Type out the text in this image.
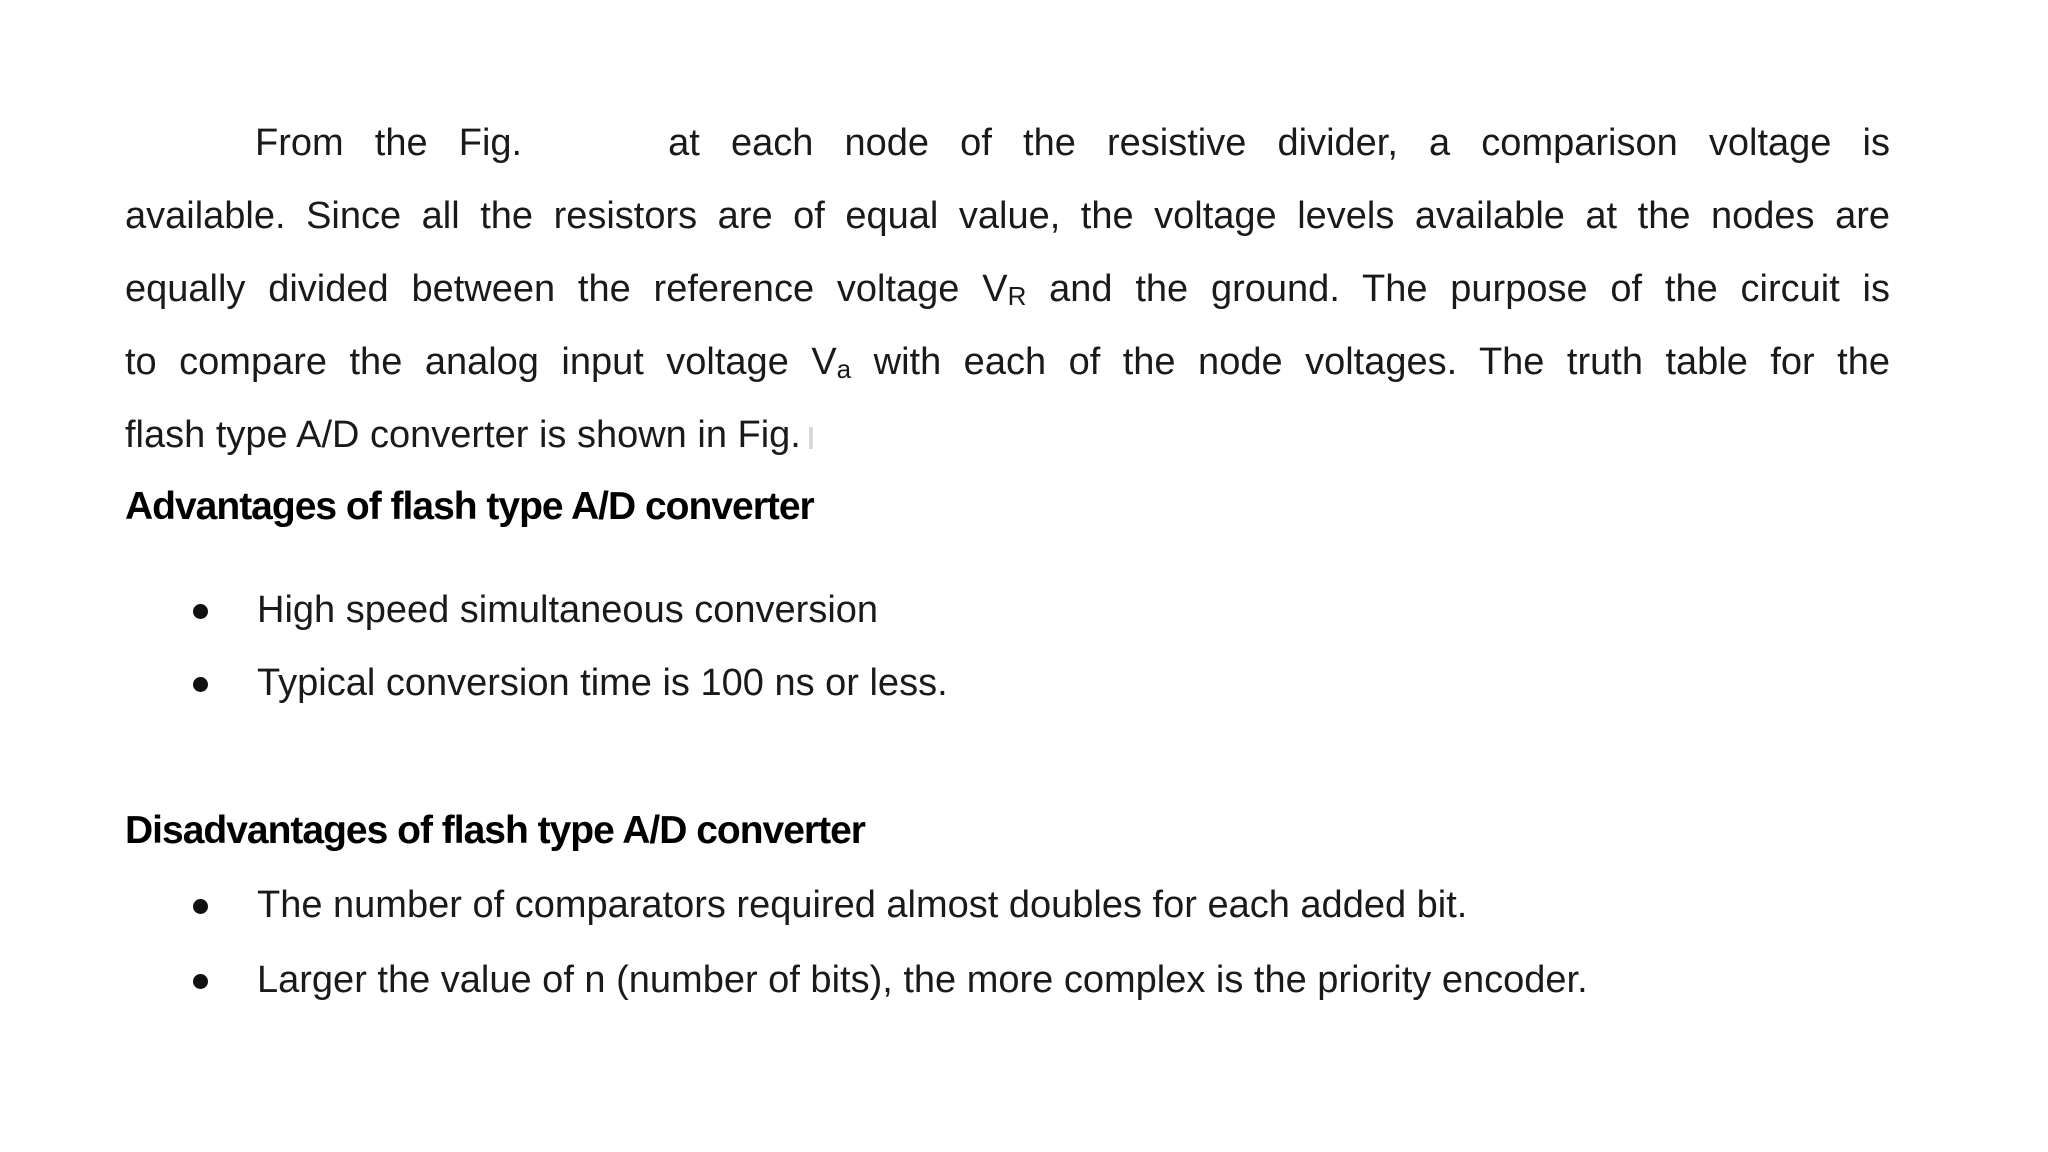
From the Fig.	at each node of the resistive divider, a comparison voltage is
available. Since all the resistors are of equal value, the voltage levels available at the nodes are
equally divided between the reference voltage VR and the ground. The purpose of the circuit is
to compare the analog input voltage Va with each of the node voltages. The truth table for the
flash type A/D converter is shown in Fig.
Advantages of flash type A/D converter
High speed simultaneous conversion
Typical conversion time is 100 ns or less.
Disadvantages of flash type A/D converter
The number of comparators required almost doubles for each added bit.
Larger the value of n (number of bits), the more complex is the priority encoder.
